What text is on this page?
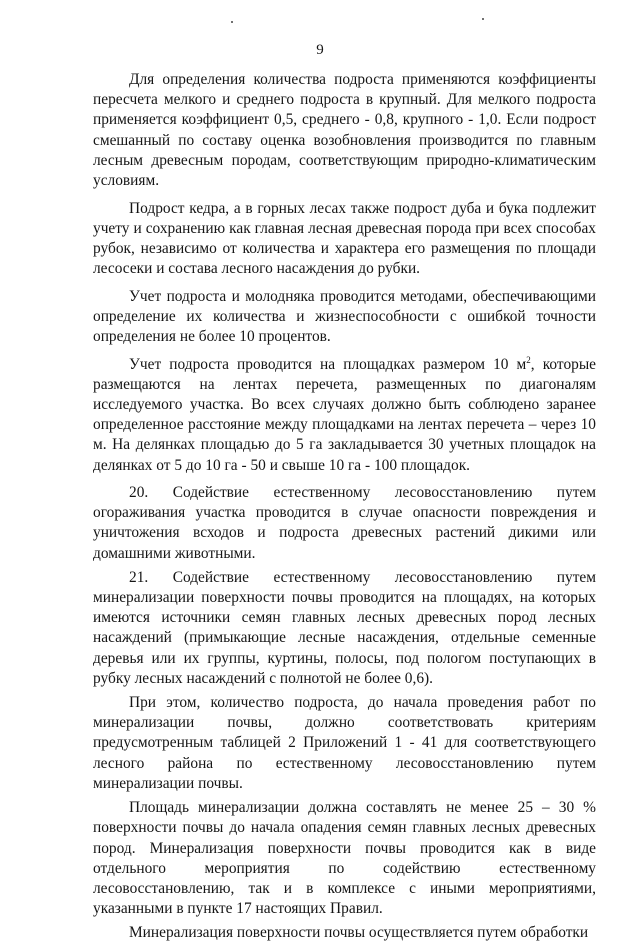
9

Для определения количества подроста применяются коэффициенты пересчета мелкого и среднего подроста в крупный. Для мелкого подроста применяется коэффициент 0,5, среднего - 0,8, крупного - 1,0. Если подрост смешанный по составу оценка возобновления производится по главным лесным древесным породам, соответствующим природно-климатическим условиям.

Подрост кедра, а в горных лесах также подрост дуба и бука подлежит учету и сохранению как главная лесная древесная порода при всех способах рубок, независимо от количества и характера его размещения по площади лесосеки и состава лесного насаждения до рубки.

Учет подроста и молодняка проводится методами, обеспечивающими определение их количества и жизнеспособности с ошибкой точности определения не более 10 процентов.

Учет подроста проводится на площадках размером 10 $м^2$, которые размещаются на лентах перечета, размещенных по диагоналям исследуемого участка. Во всех случаях должно быть соблюдено заранее определенное расстояние между площадками на лентах перечета – через 10 м. На делянках площадью до 5 га закладывается 30 учетных площадок на делянках от 5 до 10 га - 50 и свыше 10 га - 100 площадок.

20. Содействие естественному лесовосстановлению путем огораживания участка проводится в случае опасности повреждения и уничтожения всходов и подроста древесных растений дикими или домашними животными.

21. Содействие естественному лесовосстановлению путем минерализации поверхности почвы проводится на площадях, на которых имеются источники семян главных лесных древесных пород лесных насаждений (примыкающие лесные насаждения, отдельные семенные деревья или их группы, куртины, полосы, под пологом поступающих в рубку лесных насаждений с полнотой не более 0,6).

При этом, количество подроста, до начала проведения работ по минерализации почвы, должно соответствовать критериям предусмотренным таблицей 2 Приложений 1 - 41 для соответствующего лесного района по естественному лесовосстановлению путем минерализации почвы.

Площадь минерализации должна составлять не менее 25 – 30 % поверхности почвы до начала опадения семян главных лесных древесных пород. Минерализация поверхности почвы проводится как в виде отдельного мероприятия по содействию естественному лесовосстановлению, так и в комплексе с иными мероприятиями, указанными в пункте 17 настоящих Правил.

Минерализация поверхности почвы осуществляется путем обработки
